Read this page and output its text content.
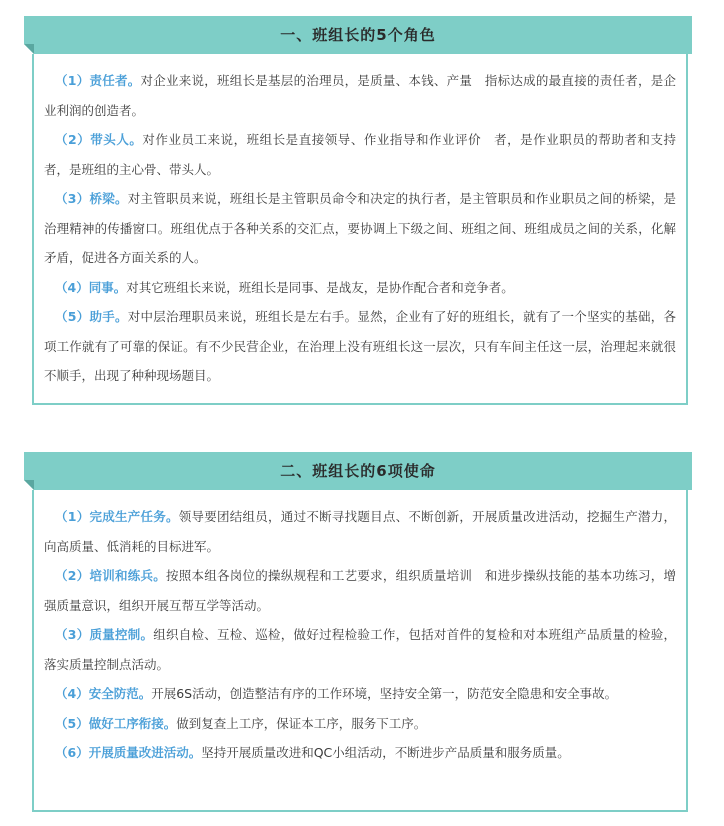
一、班组长的5个角色

（1）责任者。对企业来说，班组长是基层的治理员，是质量、本钱、产量　指标达成的最直接的责任者，是企业利润的创造者。

（2）带头人。对作业员工来说，班组长是直接领导、作业指导和作业评价　者，是作业职员的帮助者和支持者，是班组的主心骨、带头人。

（3）桥梁。对主管职员来说，班组长是主管职员命令和决定的执行者，是主管职员和作业职员之间的桥梁，是治理精神的传播窗口。班组优点于各种关系的交汇点，要协调上下级之间、班组之间、班组成员之间的关系，化解矛盾，促进各方面关系的人。

（4）同事。对其它班组长来说，班组长是同事、是战友，是协作配合者和竞争者。

（5）助手。对中层治理职员来说，班组长是左右手。显然，企业有了好的班组长，就有了一个坚实的基础，各项工作就有了可靠的保证。有不少民营企业，在治理上没有班组长这一层次，只有车间主任这一层，治理起来就很不顺手，出现了种种现场题目。

二、班组长的6项使命

（1）完成生产任务。领导要团结组员，通过不断寻找题目点、不断创新，开展质量改进活动，挖掘生产潜力，向高质量、低消耗的目标进军。

（2）培训和练兵。按照本组各岗位的操纵规程和工艺要求，组织质量培训　和进步操纵技能的基本功练习，增强质量意识，组织开展互帮互学等活动。

（3）质量控制。组织自检、互检、巡检，做好过程检验工作，包括对首件的复检和对本班组产品质量的检验，落实质量控制点活动。

（4）安全防范。开展6S活动，创造整洁有序的工作环境，坚持安全第一，防范安全隐患和安全事故。

（5）做好工序衔接。做到复查上工序，保证本工序，服务下工序。

（6）开展质量改进活动。坚持开展质量改进和QC小组活动，不断进步产品质量和服务质量。
